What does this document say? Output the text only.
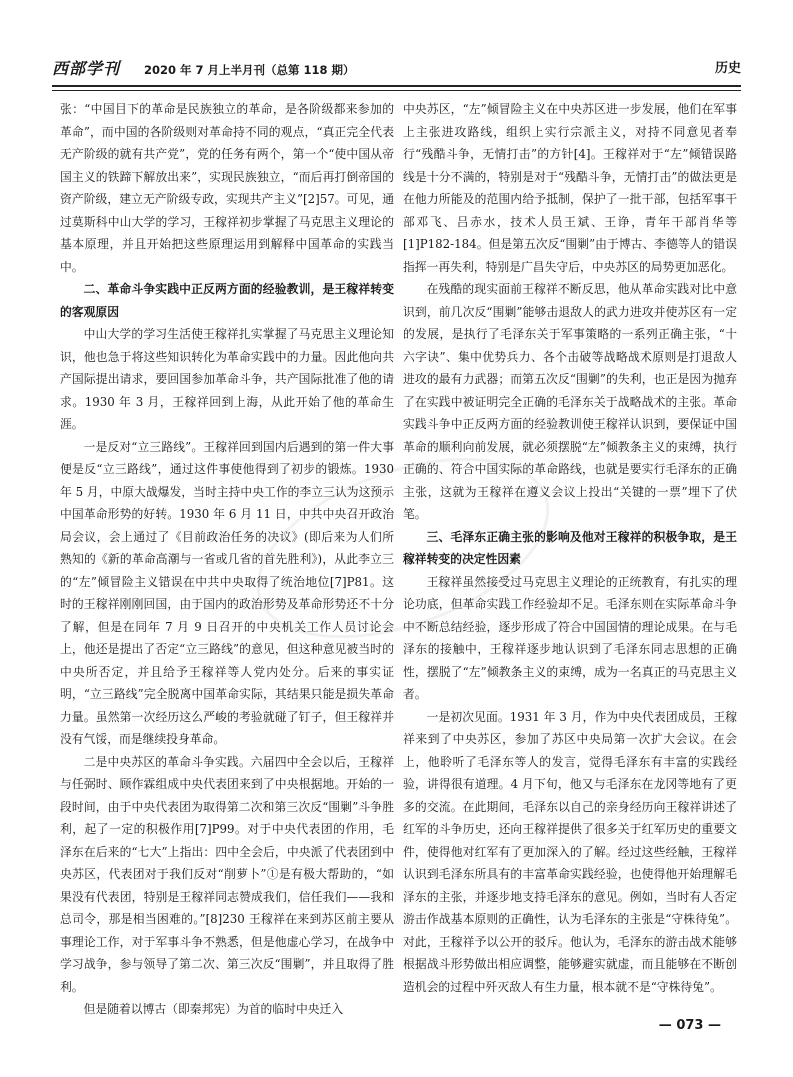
西部学刊 2020 年 7 月上半月刊（总第 118 期）	历史

张：“中国目下的革命是民族独立的革命，是各阶级都来参加的革命”，而中国的各阶级则对革命持不同的观点，“真正完全代表无产阶级的就有共产党”，党的任务有两个，第一个“使中国从帝国主义的铁蹄下解放出来”，实现民族独立，“而后再打倒帝国的资产阶级，建立无产阶级专政，实现共产主义”[2]57。可见，通过莫斯科中山大学的学习，王稼祥初步掌握了马克思主义理论的基本原理，并且开始把这些原理运用到解释中国革命的实践当中。

二、革命斗争实践中正反两方面的经验教训，是王稼祥转变的客观原因

中山大学的学习生活使王稼祥扎实掌握了马克思主义理论知识，他也急于将这些知识转化为革命实践中的力量。因此他向共产国际提出请求，要回国参加革命斗争，共产国际批准了他的请求。1930 年 3 月，王稼祥回到上海，从此开始了他的革命生涯。

一是反对“立三路线”。王稼祥回到国内后遇到的第一件大事便是反“立三路线”，通过这件事使他得到了初步的锻炼。1930 年 5 月，中原大战爆发，当时主持中央工作的李立三认为这预示中国革命形势的好转。1930 年 6 月 11 日，中共中央召开政治局会议，会上通过了《目前政治任务的决议》(即后来为人们所熟知的《新的革命高潮与一省或几省的首先胜利》)，从此李立三的“左”倾冒险主义错误在中共中央取得了统治地位[7]P81。这时的王稼祥刚刚回国，由于国内的政治形势及革命形势还不十分了解，但是在同年 7 月 9 日召开的中央机关工作人员讨论会上，他还是提出了否定“立三路线”的意见，但这种意见被当时的中央所否定，并且给予王稼祥等人党内处分。后来的事实证明，“立三路线”完全脱离中国革命实际，其结果只能是损失革命力量。虽然第一次经历这么严峻的考验就碰了钉子，但王稼祥并没有气馁，而是继续投身革命。

二是中央苏区的革命斗争实践。六届四中全会以后，王稼祥与任弼时、顾作霖组成中央代表团来到了中央根据地。开始的一段时间，由于中央代表团为取得第二次和第三次反“围剿”斗争胜利，起了一定的积极作用[7]P99。对于中央代表团的作用，毛泽东在后来的“七大”上指出：四中全会后，中央派了代表团到中央苏区，代表团对于我们反对“削萝卜”①是有极大帮助的，“如果没有代表团，特别是王稼祥同志赞成我们，信任我们——我和总司令，那是相当困难的。”[8]230 王稼祥在来到苏区前主要从事理论工作，对于军事斗争不熟悉，但是他虚心学习，在战争中学习战争，参与领导了第二次、第三次反“围剿”，并且取得了胜利。

但是随着以博古（即秦邦宪）为首的临时中央迁入

中央苏区，“左”倾冒险主义在中央苏区进一步发展，他们在军事上主张进攻路线，组织上实行宗派主义，对持不同意见者奉行“残酷斗争，无情打击”的方针[4]。王稼祥对于“左”倾错误路线是十分不满的，特别是对于“残酷斗争，无情打击”的做法更是在他力所能及的范围内给予抵制，保护了一批干部，包括军事干部邓飞、吕赤水，技术人员王斌、王诤，青年干部肖华等[1]P182-184。但是第五次反“围剿”由于博古、李德等人的错误指挥一再失利，特别是广昌失守后，中央苏区的局势更加恶化。

在残酷的现实面前王稼祥不断反思，他从革命实践对比中意识到，前几次反“围剿”能够击退敌人的武力进攻并使苏区有一定的发展，是执行了毛泽东关于军事策略的一系列正确主张，“十六字诀”、集中优势兵力、各个击破等战略战术原则是打退敌人进攻的最有力武器；而第五次反“围剿”的失利，也正是因为抛弃了在实践中被证明完全正确的毛泽东关于战略战术的主张。革命实践斗争中正反两方面的经验教训使王稼祥认识到，要保证中国革命的顺利向前发展，就必须摆脱“左”倾教条主义的束缚，执行正确的、符合中国实际的革命路线，也就是要实行毛泽东的正确主张，这就为王稼祥在遵义会议上投出“关键的一票”埋下了伏笔。

三、毛泽东正确主张的影响及他对王稼祥的积极争取，是王稼祥转变的决定性因素

王稼祥虽然接受过马克思主义理论的正统教育，有扎实的理论功底，但革命实践工作经验却不足。毛泽东则在实际革命斗争中不断总结经验，逐步形成了符合中国国情的理论成果。在与毛泽东的接触中，王稼祥逐步地认识到了毛泽东同志思想的正确性，摆脱了“左”倾教条主义的束缚，成为一名真正的马克思主义者。

一是初次见面。1931 年 3 月，作为中央代表团成员，王稼祥来到了中央苏区，参加了苏区中央局第一次扩大会议。在会上，他聆听了毛泽东等人的发言，觉得毛泽东有丰富的实践经验，讲得很有道理。4 月下旬，他又与毛泽东在龙冈等地有了更多的交流。在此期间，毛泽东以自己的亲身经历向王稼祥讲述了红军的斗争历史，还向王稼祥提供了很多关于红军历史的重要文件，使得他对红军有了更加深入的了解。经过这些经触，王稼祥认识到毛泽东所具有的丰富革命实践经验，也使得他开始理解毛泽东的主张，并逐步地支持毛泽东的意见。例如，当时有人否定游击作战基本原则的正确性，认为毛泽东的主张是“守株待兔”。对此，王稼祥予以公开的驳斥。他认为，毛泽东的游击战术能够根据战斗形势做出相应调整，能够避实就虚，而且能够在不断创造机会的过程中歼灭敌人有生力量，根本就不是“守株待兔”。

— 073 —
